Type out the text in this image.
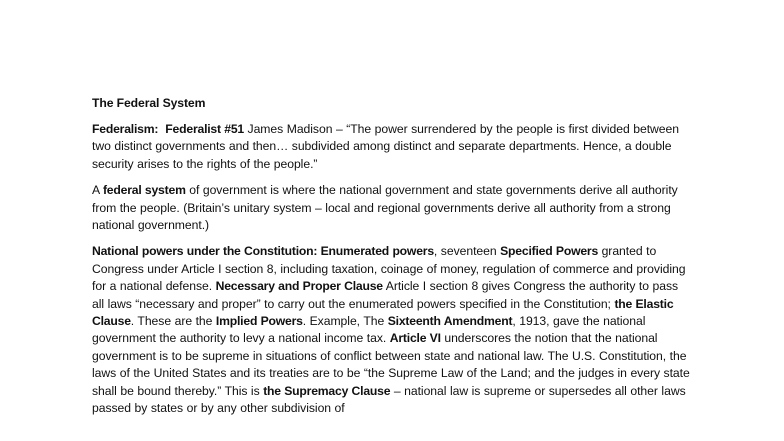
The Federal System

Federalism: Federalist #51 James Madison – “The power surrendered by the people is first divided between two distinct governments and then… subdivided among distinct and separate departments. Hence, a double security arises to the rights of the people.”

A federal system of government is where the national government and state governments derive all authority from the people. (Britain’s unitary system – local and regional governments derive all authority from a strong national government.)

National powers under the Constitution: Enumerated powers, seventeen Specified Powers granted to Congress under Article I section 8, including taxation, coinage of money, regulation of commerce and providing for a national defense. Necessary and Proper Clause Article I section 8 gives Congress the authority to pass all laws “necessary and proper” to carry out the enumerated powers specified in the Constitution; the Elastic Clause. These are the Implied Powers. Example, The Sixteenth Amendment, 1913, gave the national government the authority to levy a national income tax. Article VI underscores the notion that the national government is to be supreme in situations of conflict between state and national law. The U.S. Constitution, the laws of the United States and its treaties are to be “the Supreme Law of the Land; and the judges in every state shall be bound thereby.” This is the Supremacy Clause – national law is supreme or supersedes all other laws passed by states or by any other subdivision of
